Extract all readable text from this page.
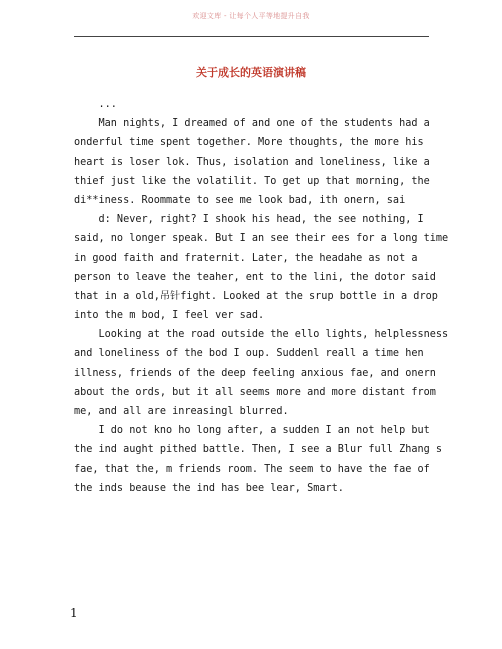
欢迎文库 - 让每个人平等地提升自我
关于成长的英语演讲稿
...
Man nights, I dreamed of and one of the students had a
onderful time spent together. More thoughts, the more his
heart is loser lok. Thus, isolation and loneliness, like a
thief just like the volatilit. To get up that morning, the
di**iness. Roommate to see me look bad, ith onern, sai
d: Never, right? I shook his head, the see nothing, I
said, no longer speak. But I an see their ees for a long time
in good faith and fraternit. Later, the headahe as not a
person to leave the teaher, ent to the lini, the dotor said
that in a old,吊针fight. Looked at the srup bottle in a drop
into the m bod, I feel ver sad.
Looking at the road outside the ello lights, helplessness
and loneliness of the bod I oup. Suddenl reall a time hen
illness, friends of the deep feeling anxious fae, and onern
about the ords, but it all seems more and more distant from
me, and all are inreasingl blurred.
I do not kno ho long after, a sudden I an not help but
the ind aught pithed battle. Then, I see a Blur full Zhang s
fae, that the, m friends room. The seem to have the fae of
the inds beause the ind has bee lear, Smart.
1
